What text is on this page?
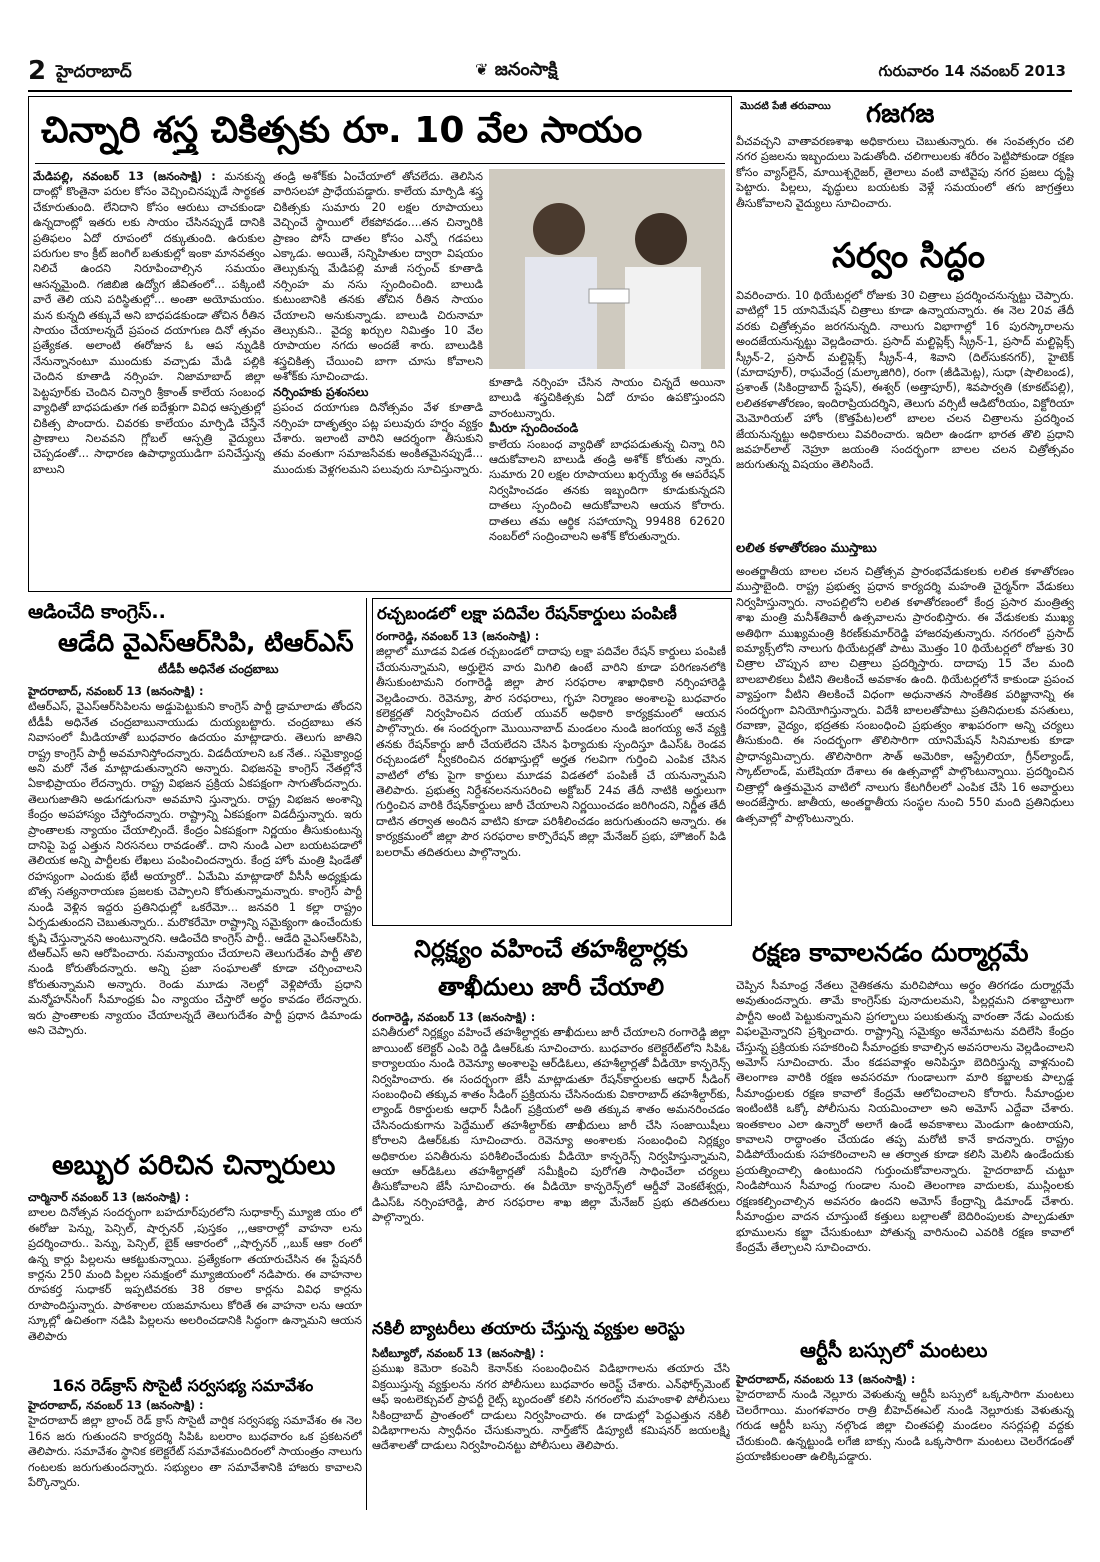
2 హైదరాబాద్	❦ జనంసాక్షి	గురువారం 14 నవంబర్ 2013
చిన్నారి శస్త్ర చికిత్సకు రూ. 10 వేల సాయం
మేడిపల్లి, నవంబర్ 13 (జనంసాక్షి) : మనకున్న దాంట్లో కొంతైనా పరుల కోసం వెచ్చించినప్పుడే సార్థకత చేకూరుతుంది. లేనిదాని కోసం ఆరుటు చాచకుండా ఉన్నదాంట్లో ఇతరు లకు సాయం చేసినప్పుడే దానికి ప్రతిఫలం ఏదో రూపంలో దక్కుతుంది. ఉరుకుల పరుగుల కాం క్రీట్ జంగిల్ బతుకుల్లో ఇంకా మానవత్వం నిలిచే ఉందని నిరూపించాల్సిన సమయం ఆసన్నమైంది. గజిబిజి ఉద్యోగ జీవితంలో... పక్కింటి వారే తెలి యని పరిస్థితుల్లో... అంతా అయోమయం. మన కున్నది తక్కువే అని బాధపడకుండా తోచిన రీతిన సాయం చేయాలన్నదే ప్రపంచ దయాగుణ దినో త్సవం ప్రత్యేకత. అలాంటి ఈరోజున ఓ ఆప న్నుడికి నేనున్నానంటూ ముందుకు వచ్చాడు మేడి పల్లికి చెందిన కూతాడి నర్సింహ. నిజామాబాద్ జిల్లా పెట్టపూర్‌కు చెందిన చిన్నారి శ్రీకాంత్ కాలేయ సంబంధ వ్యాధితో బాధపడుతూ గత ఐదేళ్లుగా వివిధ ఆస్పత్రుల్లో చికిత్స పొందారు. చివరకు కాలేయం మార్పిడి చేస్తేనే ప్రాణాలు నిలవవని గ్లోబల్ ఆస్పత్రి వైద్యులు చెప్పడంతో... సాధారణ ఉపాధ్యాయుడిగా పనిచేస్తున్న బాలుని
తండ్రి అశోక్‌కు ఏంచేయాలో తోచలేదు. తెలిసిన వారిసలహా ప్రాధేయపడ్డారు. కాలేయ మార్పిడి శస్త్ర చికిత్సకు సుమారు 20 లక్షల రూపాయలు వెచ్చించే స్థాయిలో లేకపోవడం....తన చిన్నారికి ప్రాణం పోసే దాతల కోసం ఎన్నో గడపలు ఎక్కాడు. అయితే, సన్నిహితుల ద్వారా విషయం తెల్సుకున్న మేడిపల్లి మాజీ సర్పంచ్ కూతాడి నర్సింహ మ నసు స్పందించింది. బాలుడి కుటుంబానికి తనకు తోచిన రీతిన సాయం చేయాలని అనుకున్నాడు. బాలుడి చిరునామా తెల్సుకుని.. వైద్య ఖర్చుల నిమిత్తం 10 వేల రూపాయల నగదు అందజే శారు. బాలుడికి శస్త్రచికిత్స చేయించి బాగా చూసు కోవాలని అశోక్‌కు సూచించాడు.
నర్సింహకు ప్రశంసలు
ప్రపంచ దయాగుణ దినోత్సవం వేళ కూతాడి నర్సింహ దాతృత్వం పట్ల పలువురు హర్షం వ్యక్తం చేశారు. ఇలాంటి వారిని ఆదర్శంగా తీసుకుని తమ వంతుగా సమాజసేవకు అంకితమైనప్పుడే... ముందుకు వెళ్లగలమని పలువురు సూచిస్తున్నారు.
కూతాడి నర్సింహ చేసిన సాయం చిన్నదే అయినా బాలుడి శస్త్రచికిత్సకు ఏదో రూపం ఉపకొస్తుందని వారంటున్నారు.
మీరూ స్పందించండి
కాలేయ సంబంధ వ్యాధితో బాధపడుతున్న చిన్నా రిని ఆదుకోవాలని బాలుడి తండ్రి అశోక్ కోరుతు న్నారు. సుమారు 20 లక్షల రూపాయలు ఖర్చయ్యే ఈ ఆపరేషన్ నిర్వహించడం తనకు ఇబ్బందిగా కూడుకున్నదని దాతలు స్పందించి ఆదుకోవాలని ఆయన కోరారు. దాతలు తమ ఆర్థిక సహాయాన్ని 99488 62620 నంబర్‌లో సంద్రించాలని అశోక్ కోరుతున్నారు.
మొదటి పేజీ తరువాయి గజగజ
వీచవచ్చని వాతావరణశాఖ అధికారులు చెబుతున్నారు. ఈ సంవత్సరం చలి నగర ప్రజలను ఇబ్బందులు పెడుతోంది. చలిగాలులకు శరీరం పెట్టిపోకుండా రక్షణ కోసం వ్యాస్‌లైన్, మాయిశ్చరైజర్, తైలాలు వంటి వాటివైపు నగర ప్రజలు దృష్టి పెట్టారు. పిల్లలు, వృద్ధులు బయటకు వెళ్లే సమయంలో తగు జాగ్రత్తలు తీసుకోవాలని వైద్యులు సూచించారు.
సర్వం సిద్ధం
వివరించారు. 10 థియేటర్లలో రోజుకు 30 చిత్రాలు ప్రదర్శించనున్నట్టు చెప్పారు. వాటిల్లో 15 యానిమేషన్ చిత్రాలు కూడా ఉన్నాయన్నారు. ఈ నెల 20వ తేదీ వరకు చిత్రోత్సవం జరగనున్నది. నాలుగు విభాగాల్లో 16 పురస్కారాలను అందజేయనున్నట్టు వెల్లడించారు. ప్రసాద్ మల్టిప్లెక్స్ స్క్రీన్-1, ప్రసాద్ మల్టిప్లెక్స్ స్క్రీన్-2, ప్రసాద్ మల్టిప్లెక్స్ స్క్రీన్-4, శివాని (దిల్‌సుకనగర్), హైటెక్ (మాదాపూర్), రాఘవేంద్ర (మల్కాజిగిరి), రంగా (జీడిమెట్ల), సుధా (షాలిబండ), ప్రశాంత్ (సికింద్రాబాద్ స్టేషన్), ఈశ్వర్ (అత్తాపూర్), శివపార్వతి (కూకట్‌పల్లి), లలితకళాతోరణం, ఇందిరాప్రియదర్శిని, తెలుగు వర్సిటీ ఆడిటోరియం, విక్టోరియా మెమోరియల్ హోం (కొత్తపేట)లలో బాలల చలన చిత్రాలను ప్రదర్శించ జేయనున్నట్టు అధికారులు వివరించారు. ఇదిలా ఉండగా భారత తొలి ప్రధాని జవహర్‌లాల్ నెహ్రూ జయంతి సందర్భంగా బాలల చలన చిత్రోత్సవం జరుగుతున్న విషయం తెలిసిందే.
లలిత కళాతోరణం ముస్తాబు
అంతర్జాతీయ బాలల చలన చిత్రోత్సవ ప్రారంభవేడుకలకు లలిత కళాతోరణం ముస్తాబైంది. రాష్ట్ర ప్రభుత్వ ప్రధాన కార్యదర్శి మహంతి చైర్మన్‌గా వేడుకలు నిర్వహిస్తున్నారు. నాంపల్లిలోని లలిత కళాతోరణంలో కేంద్ర ప్రసార మంత్రిత్వ శాఖ మంత్రి మనీశ్‌తివారీ ఉత్సవాలను ప్రారంభిస్తారు. ఈ వేడుకలకు ముఖ్య అతిథిగా ముఖ్యమంత్రి కిరణ్‌కుమార్‌రెడ్డి హాజరవుతున్నారు. నగరంలో ప్రసాద్ ఐమ్యాక్స్‌లోని నాలుగు థియేటర్లతో పాటు మొత్తం 10 థియేటర్లలో రోజుకు 30 చిత్రాల చొప్పున బాల చిత్రాలు ప్రదర్శిస్తారు. దాదాపు 15 వేల మంది బాలబాలికలు వీటిని తిలకించే అవకాశం ఉంది. థియేటర్లలోనే కాకుండా ప్రపంచ వ్యాప్తంగా వీటిని తిలకించే విధంగా అధునాతన సాంకేతిక పరిజ్ఞానాన్ని ఈ సందర్భంగా వినియోగిస్తున్నారు. విదేశీ బాలలతోపాటు ప్రతినిధులకు వసతులు, రవాణా, వైద్యం, భద్రతకు సంబంధించి ప్రభుత్వం శాఖపరంగా అన్ని చర్యలు తీసుకుంది. ఈ సందర్భంగా తొలిసారిగా యానిమేషన్ సినిమాలకు కూడా ప్రాధాన్యమిచ్చారు. తొలిసారిగా సౌత్ అమెరికా, ఆస్ట్రేలియా, గ్రీన్‌ల్యాండ్, స్కాట్‌లాండ్, మలేషియా దేశాలు ఈ ఉత్సవాల్లో పాల్గొంటున్నాయి. ప్రదర్శించిన చిత్రాల్లో ఉత్తమమైన వాటిలో నాలుగు కేటగిరీలలో ఎంపిక చేసి 16 అవార్డులు అందజేస్తారు. జాతీయ, అంతర్జాతీయ సంస్థల నుంచి 550 మంది ప్రతినిధులు ఉత్సవాల్లో పాల్గొంటున్నారు.
ఆడించేది కాంగ్రెస్..
ఆడేది వైఎస్‌ఆర్‌సిపి, టిఆర్‌ఎస్
టీడీపీ అధినేత చంద్రబాబు
హైదరాబాద్, నవంబర్ 13 (జనంసాక్షి) :
టిఆర్‌ఎస్, వైఎస్‌ఆర్‌సిపిలను అడ్డుపెట్టుకుని కాంగ్రెస్ పార్టీ డ్రామాలాడు తోందని టీడీపీ అధినేత చంద్రబాబునాయుడు దుయ్యబట్టారు. చంద్రబాబు తన నివాసంలో మీడియాతో బుధవారం ఉదయం మాట్లాడారు. తెలుగు జాతిని రాష్ట్ర కాంగ్రెస్ పార్టీ అవమానిస్తోందన్నారు. విడదీయాలని ఒక నేత.. సమైక్యాంధ్ర అని మరో నేత మాట్లాడుతున్నారని అన్నారు. విభజనపై కాంగ్రెస్ నేతల్లోనే ఏకాభిప్రాయం లేదన్నారు. రాష్ట్ర విభజన ప్రక్రియ ఏకపక్షంగా సాగుతోందన్నారు. తెలుగుజాతిని అడుగడుగునా అవమాని స్తున్నారు. రాష్ట్ర విభజన అంశాన్ని కేంద్రం అపహాస్యం చేస్తోందన్నారు. రాష్ట్రాన్ని ఏకపక్షంగా విడదీస్తున్నారు. ఇరు ప్రాంతాలకు న్యాయం చేయాల్సిందే. కేంద్రం ఏకపక్షంగా నిర్ణయం తీసుకుంటున్న దానిపై పెద్ద ఎత్తున నిరసనలు రావడంతో.. దాని నుండి ఎలా బయటపడాలో తెలియక అన్ని పార్టీలకు లేఖలు పంపించిందన్నారు. కేంద్ర హోం మంత్రి షిండేతో రహస్యంగా ఎందుకు భేటీ అయ్యారో.. ఏమేమి మాట్లాడారో వీసీసీ అధ్యక్షుడు బొత్స సత్యనారాయణ ప్రజలకు చెప్పాలని కోరుతున్నామన్నారు. కాంగ్రెస్ పార్టీ నుండి వెళ్లిన ఇద్దరు ప్రతినిధుల్లో ఒకరేమో... జనవరి 1 కల్లా రాష్ట్రం ఏర్పడుతుందని చెబుతున్నారు.. మరొకరేమో రాష్ట్రాన్ని సమైక్యంగా ఉంచేందుకు కృషి చేస్తున్నానని అంటున్నారని. ఆడించేది కాంగ్రెస్ పార్టీ.. ఆడేది వైఎస్‌ఆర్‌సిపి, టిఆర్‌ఎస్ అని ఆరోపించారు. సమన్యాయం చేయాలని తెలుగుదేశం పార్టీ తొలి నుండి కోరుతోందన్నారు. అన్ని ప్రజా సంఘాలతో కూడా చర్చించాలని కోరుతున్నామని అన్నారు. రెండు మూడు నెలల్లో వెళ్లిపోయే ప్రధాని మన్మోహన్‌సింగ్ సీమాంధ్రకు ఏం న్యాయం చేస్తారో అర్థం కావడం లేదన్నారు. ఇరు ప్రాంతాలకు న్యాయం చేయాలన్నదే తెలుగుదేశం పార్టీ ప్రధాన డిమాండు అని చెప్పారు.
అబ్బుర పరిచిన చిన్నారులు
చార్మినార్ నవంబర్ 13 (జనంసాక్షి) :
బాలల దినోత్సవ సందర్భంగా బహదూర్‌పురలోని సుధాకార్స్ మ్యూజి యం లో ఈరోజు పెన్ను, పెన్సిల్, షార్పనర్ ,పుస్తకం ,,,ఆకారాల్లో వాహనా లను ప్రదర్శించారు.. పెన్ను, పెన్సిల్, బైక్ ఆకారంలో ,,షార్పనర్ ,,బుక్ ఆకా రంలో ఉన్న కార్లు పిల్లలను ఆకట్టుకున్నాయి. ప్రత్యేకంగా తయారుచేసిన ఈ స్టేషనరీ కార్లను 250 మంది పిల్లల సమక్షంలో మ్యూజియంలో నడిపారు. ఈ వాహనాల రూపకర్త సుధాకర్ ఇప్పటివరకు 38 రకాల కార్లను వివిధ కార్లను రూపొందిస్తున్నారు. పాఠశాలల యజమానులు కోరితే ఈ వాహనా లను ఆయా స్కూల్లో ఉచితంగా నడిపి పిల్లలను అలరించడానికి సిద్ధంగా ఉన్నామని ఆయన తెలిపారు
16న రెడ్‌క్రాస్ సొసైటీ సర్వసభ్య సమావేశం
హైదరాబాద్, నవంబర్ 13 (జనంసాక్షి) :
హైదరాబాద్ జిల్లా బ్రాంచ్ రెడ్ క్రాస్ సొసైటీ వార్షిక సర్వసభ్య సమావేశం ఈ నెల 16న జరు గుతుందని కార్యదర్శి సిపిఓ బలరాం బుధవారం ఒక ప్రకటనలో తెలిపారు. సమావేశం స్థానిక కలెక్టరేట్ సమావేశమందిరంలో సాయంత్రం నాలుగు గంటలకు జరుగుతుందన్నారు. సభ్యులం తా సమావేశానికి హాజరు కావాలని పేర్కొన్నారు.
రచ్చబండలో లక్షా పదివేల రేషన్‌కార్డులు పంపిణీ
రంగారెడ్డి, నవంబర్ 13 (జనంసాక్షి) :
జిల్లాలో మూడవ విడత రచ్చబండలో దాదాపు లక్షా పదివేల రేషన్ కార్డులు పంపిణీ చేయనున్నామని, అర్హులైన వారు మిగిలి ఉంటే వారిని కూడా పరిగణనలోకి తీసుకుంటామని రంగారెడ్డి జిల్లా పౌర సరఫరాల శాఖాధికారి నర్సింహారెడ్డి వెల్లడించారు. రెవెన్యూ, పౌర సరఫరాలు, గృహ నిర్మాణం అంశాలపై బుధవారం కలెక్టర్లతో నిర్వహించిన దయల్ యువర్ అధికారి కార్యక్రమంలో ఆయన పాల్గొన్నారు. ఈ సందర్భంగా మొయినాబాద్ మండలం నుండి జంగయ్య అనే వ్యక్తి తనకు రేషన్‌కార్డు జారీ చేయలేదని చేసిన ఫిర్యాదుకు స్పందిస్తూ డిఎస్‌ఓ రెండవ రచ్చబండలో స్వీకరించిన దరఖాస్తుల్లో అర్హత గలవిగా గుర్తించి ఎంపిక చేసిన వాటిలో లోకు పైగా కార్డులు మూడవ విడతలో పంపిణీ చే యనున్నామని తెలిపారు. ప్రభుత్వ నిర్దేశనలననుసరించి అక్టోబర్ 24వ తేదీ నాటికి అర్హులుగా గుర్తించిన వారికి రేషన్‌కార్డులు జారీ చేయాలని నిర్ణయించడం జరిగిందని, నిర్ణీత తేదీ దాటిన తర్వాత అందిన వాటిని కూడా పరిశీలించడం జరుగుతుందని అన్నారు. ఈ కార్యక్రమంలో జిల్లా పౌర సరఫరాల కార్పొరేషన్ జిల్లా మేనేజర్ ప్రభు, హౌజింగ్ పిడి బలరామ్ తదితరులు పాల్గొన్నారు.
నిర్లక్ష్యం వహించే తహశీల్దార్లకు
తాఖీదులు జారీ చేయాలి
రంగారెడ్డి, నవంబర్ 13 (జనంసాక్షి) :
పనితీరులో నిర్లక్ష్యం వహించే తహశీల్దార్లకు తాఖీదులు జారీ చేయాలని రంగారెడ్డి జిల్లా జాయింట్ కలెక్టర్ ఎంపి రెడ్డి డిఆర్‌ఓకు సూచించారు. బుధవారం కలెక్టరేట్‌లోని సిపిఓ కార్యాలయం నుండి రెవెన్యూ అంశాలపై ఆర్‌డిఓలు, తహశీల్దార్లతో వీడియో కాన్ఫరెన్స్ నిర్వహించారు. ఈ సందర్భంగా జేసీ మాట్లాడుతూ రేషన్‌కార్డులకు ఆధార్ సీడింగ్ సంబంధించి తక్కువ శాతం సీడింగ్ ప్రక్రియను చేసినందుకు వికారాబాద్ తహశీల్దార్‌కు, ల్యాండ్ రికార్డులకు ఆధార్ సీడింగ్ ప్రక్రియలో అతి తక్కువ శాతం అమనరించడం చేసినందుకుగాను పెద్దేముల్ తహశీల్దార్‌కు తాఖీదులు జారీ చేసి సంజాయిషీలు కోరాలని డిఆర్‌ఓకు సూచించారు. రెవెన్యూ అంశాలకు సంబంధించి నిర్లక్ష్యం అధికారుల పనితీరును పరిశీలించేందుకు వీడియో కాన్ఫరెన్స్ నిర్వహిస్తున్నామని, ఆయా ఆర్‌డిఓలు తహశీల్దార్లతో సమీక్షించి పురోగతి సాధించేలా చర్యలు తీసుకోవాలని జేసీ సూచించారు. ఈ వీడియో కాన్ఫరెన్స్‌లో ఆర్డీవో వెంకటేశ్వర్లు, డిఎస్‌ఓ నర్సింహారెడ్డి, పౌర సరఫరాల శాఖ జిల్లా మేనేజర్ ప్రభు తదితరులు పాల్గొన్నారు.
నకిలీ బ్యాటరీలు తయారు చేస్తున్న వ్యక్తుల అరెస్టు
సిటీబ్యూరో, నవంబర్ 13 (జనంసాక్షి) :
ప్రముఖ కెమెరా కంపెనీ కెనాన్‌కు సంబంధించిన విడిభాగాలను తయారు చేసి విక్రయిస్తున్న వ్యక్తులను నగర పోలీసులు బుధవారం అరెస్ట్ చేశారు. ఎన్‌ఫోర్స్‌మెంట్ ఆఫ్ ఇంటలెక్చువల్ ప్రాపర్టీ రైట్స్ బృందంతో కలిసి నగరంలోని మహంకాళి పోలీసులు సికింద్రాబాద్ ప్రాంతంలో దాడులు నిర్వహించారు. ఈ దాడుల్లో పెద్దఎత్తున నకిలీ విడిభాగాలను స్వాధీనం చేసుకున్నారు. నార్త్‌జోన్ డిప్యూటీ కమిషనర్ జయలక్ష్మి ఆదేశాలతో దాడులు నిర్వహించినట్టు పోలీసులు తెలిపారు.
రక్షణ కావాలనడం దుర్మార్గమే
చెప్పిన సీమాంధ్ర నేతలు నైతికతను మరిచిపోయి అర్థం తిరగడం దుర్మార్గమే అవుతుందన్నారు. తామే కాంగ్రెస్‌కు పునాదులమని, పిల్లర్లమని దశాబ్దాలుగా పార్టీని అంటి పెట్టుకున్నామని ప్రగల్భాలు పలుకుతున్న వారంతా నేడు ఎందుకు విఫలమైన్నారని ప్రశ్నించారు. రాష్ట్రాన్ని సమైక్యం అనేమాటను వదిలేసి కేంద్రం చేస్తున్న ప్రక్రియకు సహకరించి సీమాంధ్రకు కావాల్సిన అవసరాలను వెల్లడించాలని అమోస్ సూచించారు. మేం కడపవాళ్లం అనిపిస్తూ బెదిరిస్తున్న వాళ్లనుంచి తెలంగాణ వారికి రక్షణ అవసరమా గుండాలుగా మారి కబ్జాలకు పాల్పడ్డ సీమాంధ్రులకు రక్షణ కావాలో కేంద్రమే ఆలోచించాలని కోరారు. సీమాంధ్రుల ఇంటింటికి ఒక్కో పోలీసును నియమించాలా అని అమోస్ ఎద్దేవా చేశారు. ఇంతకాలం ఎలా ఉన్నారో అలాగే ఉండే అవకాశాలు మెండుగా ఉంటాయని, కావాలని రాద్ధాంతం చేయడం తప్ప మరోటి కానే కాదన్నారు. రాష్ట్రం విడిపోయేందుకు సహకరించాలని ఆ తర్వాత కూడా కలిసి మెలిసి ఉండేందుకు ప్రయత్నించాల్సి ఉంటుందని గుర్తుంచుకోవాలన్నారు. హైదరాబాద్ చుట్టూ నిండిపోయిన సీమాంధ్ర గుండాల నుంచి తెలంగాణ వాదులకు, ముస్లింలకు రక్షణకల్పించాల్సిన అవసరం ఉందని అమోస్ కేంద్రాన్ని డిమాండ్ చేశారు. సీమాంధ్రుల వాదన చూస్తుంటే కత్తులు బల్లాలతో బెదిరింపులకు పాల్పడుతూ భూములను కబ్జా చేసుకుంటూ పోతున్న వారినుంచి ఎవరికి రక్షణ కావాలో కేంద్రమే తేల్చాలని సూచించారు.
ఆర్టీసీ బస్సులో మంటలు
హైదరాబాద్, నవంబరు 13 (జనంసాక్షి) :
హైదరాబాద్ నుండి నెల్లూరు వెళుతున్న ఆర్టీసీ బస్సులో ఒక్కసారిగా మంటలు చెలరేగాయి. మంగళవారం రాత్రి బీహెచ్‌ఈఎల్ నుండి నెల్లూరుకు వెళుతున్న గరుడ ఆర్టీసీ బస్సు నల్గొండ జిల్లా చింతపల్లి మండలం నసర్లపల్లి వద్దకు చేరుకుంది. ఉన్నట్టుండి లగేజి బాక్సు నుండి ఒక్కసారిగా మంటలు చెలరేగడంతో ప్రయాణికులంతా ఉలిక్కిపడ్డారు.
